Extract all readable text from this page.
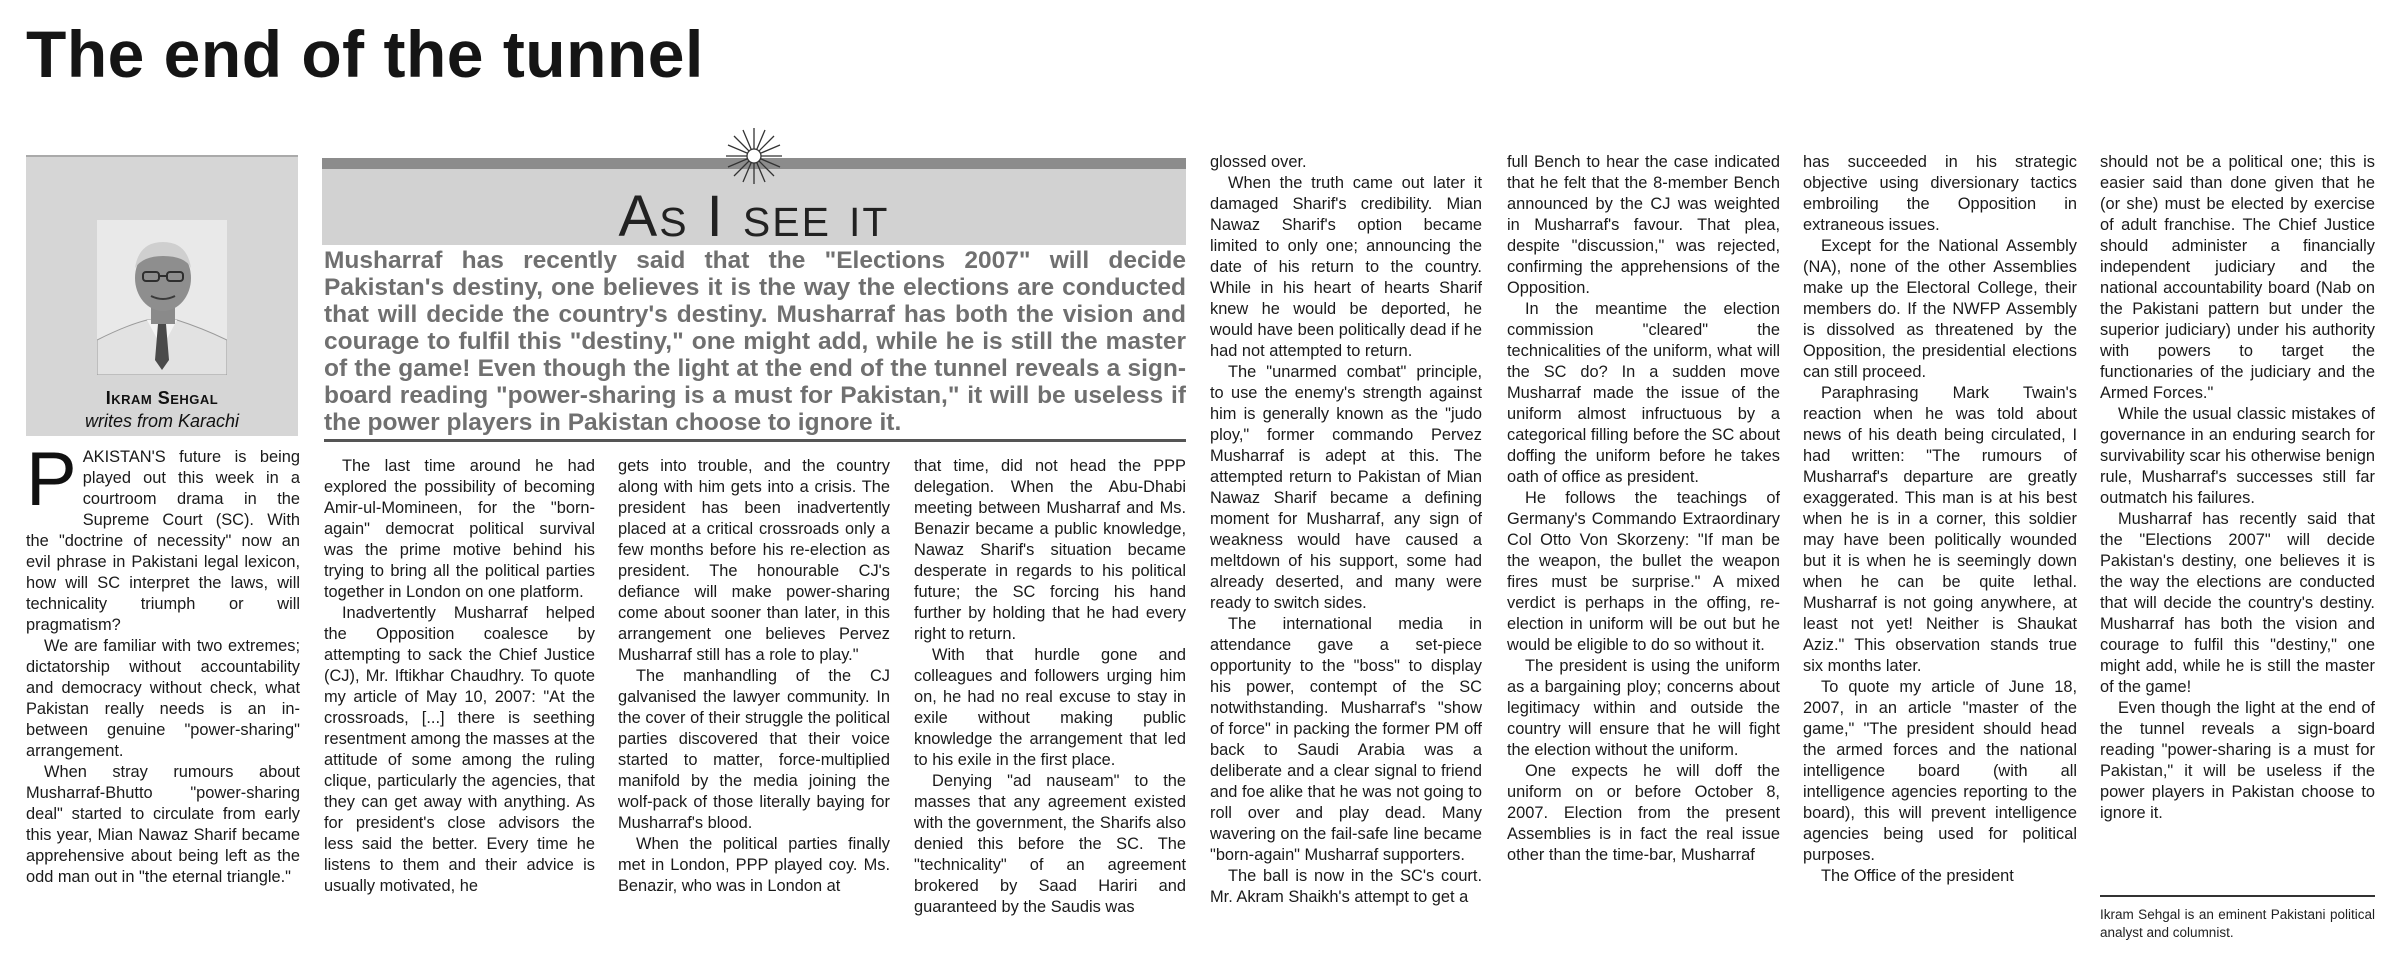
The end of the tunnel
Ikram Sehgal
writes from Karachi
As I see it

Musharraf has recently said that the "Elections 2007" will decide Pakistan's destiny, one believes it is the way the elections are conducted that will decide the country's destiny. Musharraf has both the vision and courage to fulfil this "destiny," one might add, while he is still the master of the game! Even though the light at the end of the tunnel reveals a sign-board reading "power-sharing is a must for Pakistan," it will be useless if the power players in Pakistan choose to ignore it.

PAKISTAN'S future is being played out this week in a courtroom drama in the Supreme Court (SC). With the "doctrine of necessity" now an evil phrase in Pakistani legal lexicon, how will SC interpret the laws, will technicality triumph or will pragmatism?

We are familiar with two extremes; dictatorship without accountability and democracy without check, what Pakistan really needs is an in-between genuine "power-sharing" arrangement.

When stray rumours about Musharraf-Bhutto "power-sharing deal" started to circulate from early this year, Mian Nawaz Sharif became apprehensive about being left as the odd man out in "the eternal triangle."

The last time around he had explored the possibility of becoming Amir-ul-Momineen, for the "born-again" democrat political survival was the prime motive behind his trying to bring all the political parties together in London on one platform.

Inadvertently Musharraf helped the Opposition coalesce by attempting to sack the Chief Justice (CJ), Mr. Iftikhar Chaudhry. To quote my article of May 10, 2007: "At the crossroads, [...] there is seething resentment among the masses at the attitude of some among the ruling clique, particularly the agencies, that they can get away with anything. As for president's close advisors the less said the better. Every time he listens to them and their advice is usually motivated, he

gets into trouble, and the country along with him gets into a crisis. The president has been inadvertently placed at a critical crossroads only a few months before his re-election as president. The honourable CJ's defiance will make power-sharing come about sooner than later, in this arrangement one believes Pervez Musharraf still has a role to play."

The manhandling of the CJ galvanised the lawyer community. In the cover of their struggle the political parties discovered that their voice started to matter, force-multiplied manifold by the media joining the wolf-pack of those literally baying for Musharraf's blood.

When the political parties finally met in London, PPP played coy. Ms. Benazir, who was in London at

that time, did not head the PPP delegation. When the Abu-Dhabi meeting between Musharraf and Ms. Benazir became a public knowledge, Nawaz Sharif's situation became desperate in regards to his political future; the SC forcing his hand further by holding that he had every right to return.

With that hurdle gone and colleagues and followers urging him on, he had no real excuse to stay in exile without making public knowledge the arrangement that led to his exile in the first place.

Denying "ad nauseam" to the masses that any agreement existed with the government, the Sharifs also denied this before the SC. The "technicality" of an agreement brokered by Saad Hariri and guaranteed by the Saudis was

glossed over.

When the truth came out later it damaged Sharif's credibility. Mian Nawaz Sharif's option became limited to only one; announcing the date of his return to the country. While in his heart of hearts Sharif knew he would be deported, he would have been politically dead if he had not attempted to return.

The "unarmed combat" principle, to use the enemy's strength against him is generally known as the "judo ploy," former commando Pervez Musharraf is adept at this. The attempted return to Pakistan of Mian Nawaz Sharif became a defining moment for Musharraf, any sign of weakness would have caused a meltdown of his support, some had already deserted, and many were ready to switch sides.

The international media in attendance gave a set-piece opportunity to the "boss" to display his power, contempt of the SC notwithstanding. Musharraf's "show of force" in packing the former PM off back to Saudi Arabia was a deliberate and a clear signal to friend and foe alike that he was not going to roll over and play dead. Many wavering on the fail-safe line became "born-again" Musharraf supporters.

The ball is now in the SC's court. Mr. Akram Shaikh's attempt to get a

full Bench to hear the case indicated that he felt that the 8-member Bench announced by the CJ was weighted in Musharraf's favour. That plea, despite "discussion," was rejected, confirming the apprehensions of the Opposition.

In the meantime the election commission "cleared" the technicalities of the uniform, what will the SC do? In a sudden move Musharraf made the issue of the uniform almost infructuous by a categorical filling before the SC about doffing the uniform before he takes oath of office as president.

He follows the teachings of Germany's Commando Extraordinary Col Otto Von Skorzeny: "If man be the weapon, the bullet the weapon fires must be surprise." A mixed verdict is perhaps in the offing, re-election in uniform will be out but he would be eligible to do so without it.

The president is using the uniform as a bargaining ploy; concerns about legitimacy within and outside the country will ensure that he will fight the election without the uniform.

One expects he will doff the uniform on or before October 8, 2007. Election from the present Assemblies is in fact the real issue other than the time-bar, Musharraf

has succeeded in his strategic objective using diversionary tactics embroiling the Opposition in extraneous issues.

Except for the National Assembly (NA), none of the other Assemblies make up the Electoral College, their members do. If the NWFP Assembly is dissolved as threatened by the Opposition, the presidential elections can still proceed.

Paraphrasing Mark Twain's reaction when he was told about news of his death being circulated, I had written: "The rumours of Musharraf's departure are greatly exaggerated. This man is at his best when he is in a corner, this soldier may have been politically wounded but it is when he is seemingly down when he can be quite lethal. Musharraf is not going anywhere, at least not yet! Neither is Shaukat Aziz." This observation stands true six months later.

To quote my article of June 18, 2007, in an article "master of the game," "The president should head the armed forces and the national intelligence board (with all intelligence agencies reporting to the board), this will prevent intelligence agencies being used for political purposes.

The Office of the president

should not be a political one; this is easier said than done given that he (or she) must be elected by exercise of adult franchise. The Chief Justice should administer a financially independent judiciary and the national accountability board (Nab on the Pakistani pattern but under the superior judiciary) under his authority with powers to target the functionaries of the judiciary and the Armed Forces."

While the usual classic mistakes of governance in an enduring search for survivability scar his otherwise benign rule, Musharraf's successes still far outmatch his failures.

Musharraf has recently said that the "Elections 2007" will decide Pakistan's destiny, one believes it is the way the elections are conducted that will decide the country's destiny. Musharraf has both the vision and courage to fulfil this "destiny," one might add, while he is still the master of the game!

Even though the light at the end of the tunnel reveals a sign-board reading "power-sharing is a must for Pakistan," it will be useless if the power players in Pakistan choose to ignore it.

Ikram Sehgal is an eminent Pakistani political analyst and columnist.
